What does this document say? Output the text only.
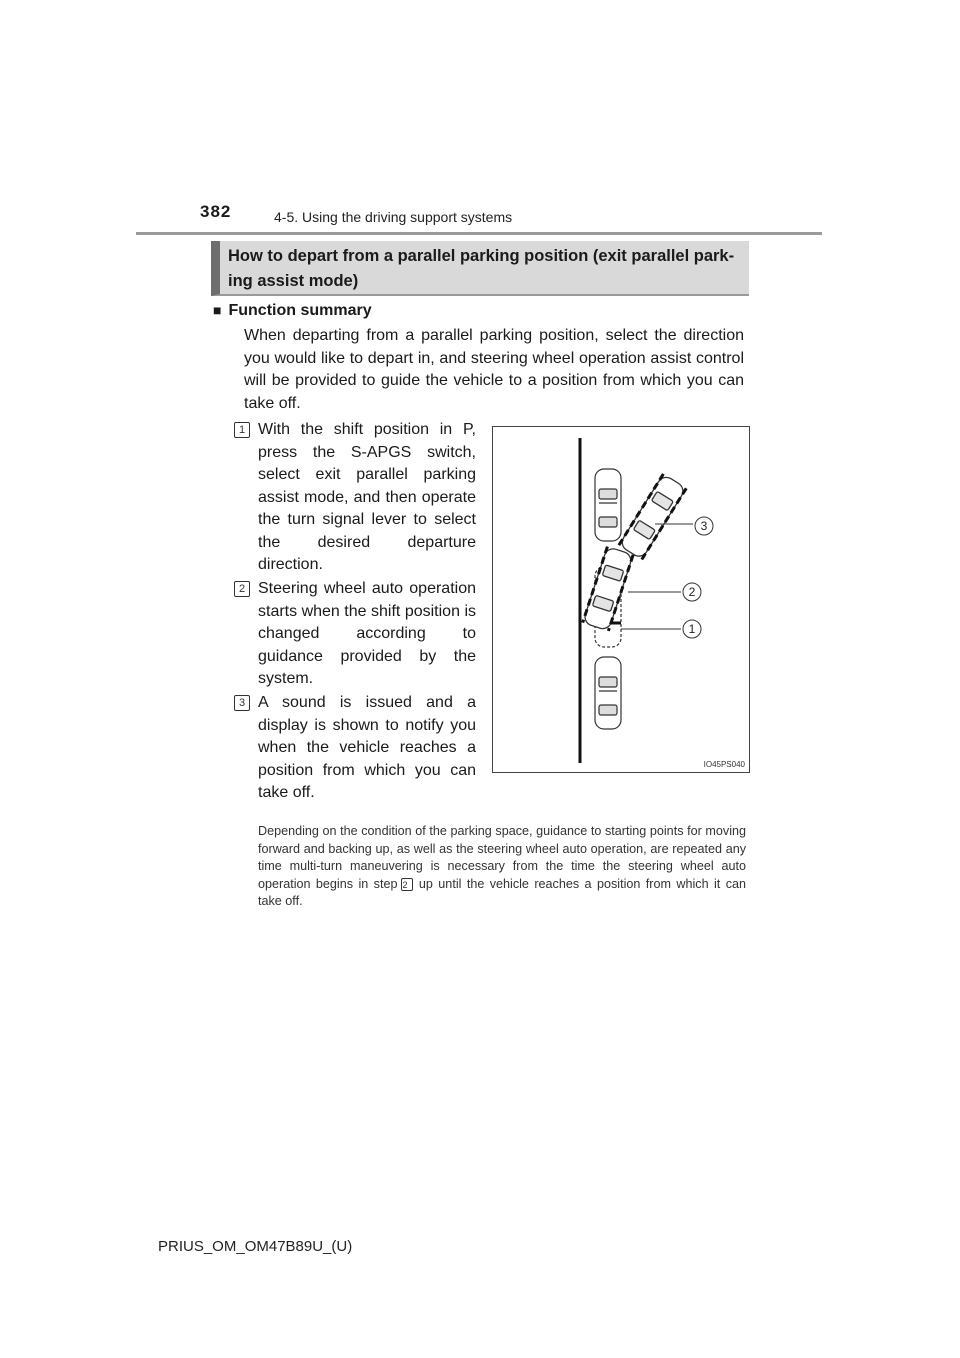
382	4-5. Using the driving support systems
How to depart from a parallel parking position (exit parallel park-
ing assist mode)
■ Function summary
When departing from a parallel parking position, select the direction you would like to depart in, and steering wheel operation assist control will be provided to guide the vehicle to a position from which you can take off.
1 With the shift position in P, press the S-APGS switch, select exit parallel parking assist mode, and then operate the turn signal lever to select the desired departure direction.
2 Steering wheel auto operation starts when the shift position is changed according to guidance provided by the system.
3 A sound is issued and a display is shown to notify you when the vehicle reaches a position from which you can take off.
3
2
1
IO45PS040
Depending on the condition of the parking space, guidance to starting points for moving forward and backing up, as well as the steering wheel auto operation, are repeated any time multi-turn maneuvering is necessary from the time the steering wheel auto operation begins in step 2 up until the vehicle reaches a position from which it can take off.
PRIUS_OM_OM47B89U_(U)
